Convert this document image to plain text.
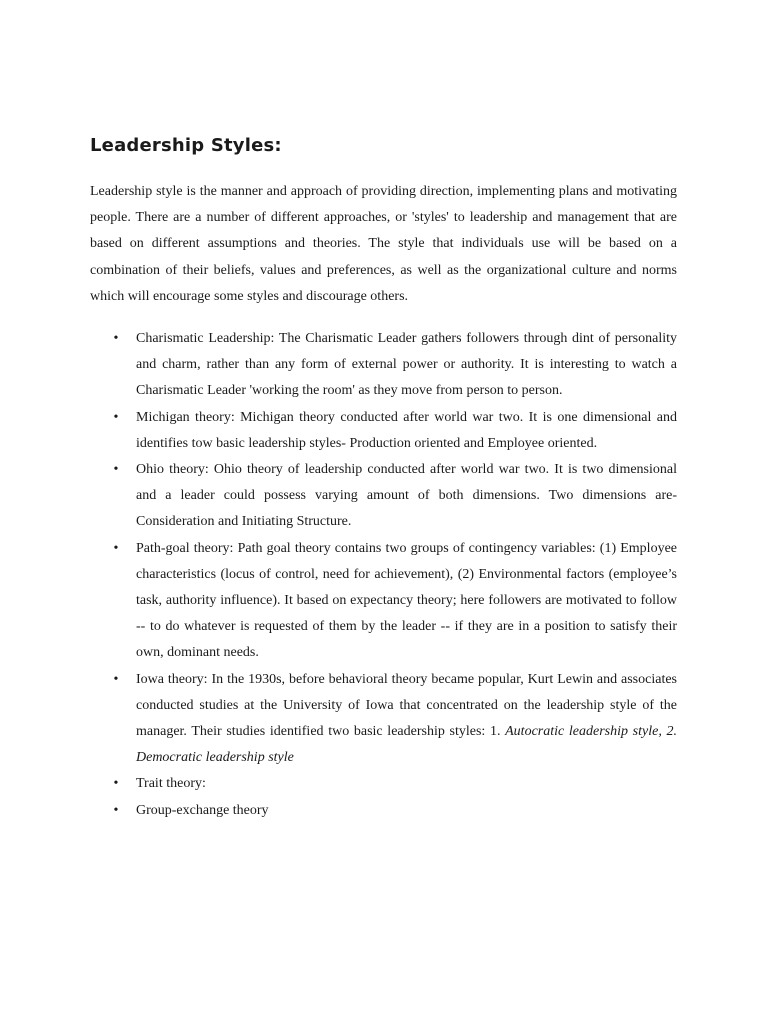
Leadership Styles:

Leadership style is the manner and approach of providing direction, implementing plans and motivating people. There are a number of different approaches, or 'styles' to leadership and management that are based on different assumptions and theories. The style that individuals use will be based on a combination of their beliefs, values and preferences, as well as the organizational culture and norms which will encourage some styles and discourage others.

• Charismatic Leadership: The Charismatic Leader gathers followers through dint of personality and charm, rather than any form of external power or authority. It is interesting to watch a Charismatic Leader 'working the room' as they move from person to person.
• Michigan theory: Michigan theory conducted after world war two. It is one dimensional and identifies tow basic leadership styles- Production oriented and Employee oriented.
• Ohio theory: Ohio theory of leadership conducted after world war two. It is two dimensional and a leader could possess varying amount of both dimensions. Two dimensions are- Consideration and Initiating Structure.
• Path-goal theory: Path goal theory contains two groups of contingency variables: (1) Employee characteristics (locus of control, need for achievement), (2) Environmental factors (employee’s task, authority influence). It based on expectancy theory; here followers are motivated to follow -- to do whatever is requested of them by the leader -- if they are in a position to satisfy their own, dominant needs.
• Iowa theory: In the 1930s, before behavioral theory became popular, Kurt Lewin and associates conducted studies at the University of Iowa that concentrated on the leadership style of the manager. Their studies identified two basic leadership styles: 1. Autocratic leadership style, 2. Democratic leadership style
• Trait theory:
• Group-exchange theory
